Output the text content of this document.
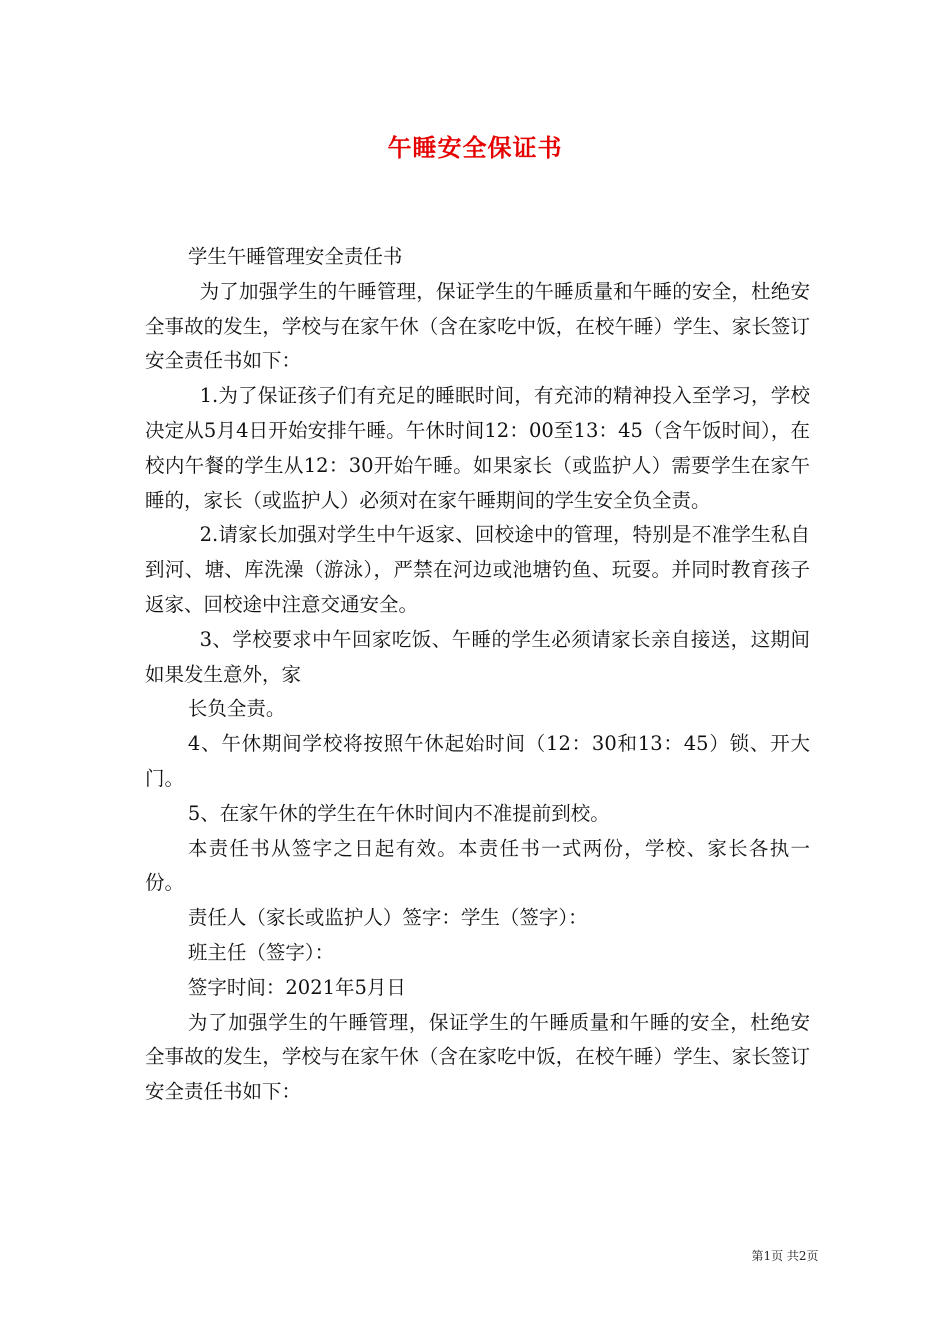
午睡安全保证书

学生午睡管理安全责任书

为了加强学生的午睡管理，保证学生的午睡质量和午睡的安全，杜绝安全事故的发生，学校与在家午休（含在家吃中饭，在校午睡）学生、家长签订安全责任书如下：

1.为了保证孩子们有充足的睡眠时间，有充沛的精神投入至学习，学校决定从5月4日开始安排午睡。午休时间12：00至13：45（含午饭时间），在校内午餐的学生从12：30开始午睡。如果家长（或监护人）需要学生在家午睡的，家长（或监护人）必须对在家午睡期间的学生安全负全责。

2.请家长加强对学生中午返家、回校途中的管理，特别是不准学生私自到河、塘、库洗澡（游泳），严禁在河边或池塘钓鱼、玩耍。并同时教育孩子返家、回校途中注意交通安全。

3、学校要求中午回家吃饭、午睡的学生必须请家长亲自接送，这期间如果发生意外，家

长负全责。

4、午休期间学校将按照午休起始时间（12：30和13：45）锁、开大门。

5、在家午休的学生在午休时间内不准提前到校。

本责任书从签字之日起有效。本责任书一式两份，学校、家长各执一份。

责任人（家长或监护人）签字：学生（签字）：

班主任（签字）：

签字时间：2021年5月日

为了加强学生的午睡管理，保证学生的午睡质量和午睡的安全，杜绝安全事故的发生，学校与在家午休（含在家吃中饭，在校午睡）学生、家长签订安全责任书如下：

第1页 共2页
